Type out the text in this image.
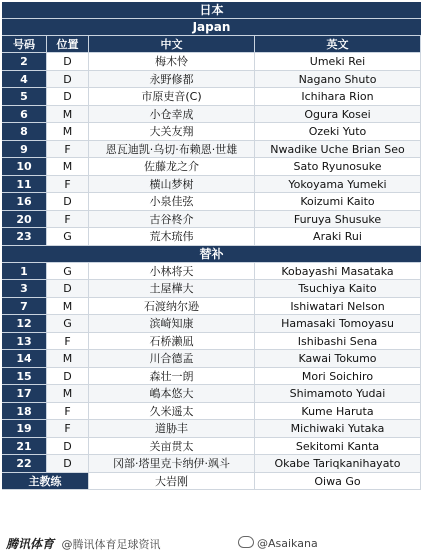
日本
Japan
号码	位置	中文	英文
2	D	梅木怜	Umeki Rei
4	D	永野修都	Nagano Shuto
5	D	市原吏音(C)	Ichihara Rion
6	M	小仓幸成	Ogura Kosei
8	M	大关友翔	Ozeki Yuto
9	F	恩瓦迪凯·乌切·布赖恩·世雄	Nwadike Uche Brian Seo
10	M	佐藤龙之介	Sato Ryunosuke
11	F	横山梦树	Yokoyama Yumeki
16	D	小泉佳弦	Koizumi Kaito
20	F	古谷柊介	Furuya Shusuke
23	G	荒木琉伟	Araki Rui
替补
1	G	小林将天	Kobayashi Masataka
3	D	土屋樺大	Tsuchiya Kaito
7	M	石渡纳尔逊	Ishiwatari Nelson
12	G	滨崎知康	Hamasaki Tomoyasu
13	F	石桥濑凪	Ishibashi Sena
14	M	川合德孟	Kawai Tokumo
15	D	森壮一朗	Mori Soichiro
17	M	嶋本悠大	Shimamoto Yudai
18	F	久米遥太	Kume Haruta
19	F	道胁丰	Michiwaki Yutaka
21	D	关亩贯太	Sekitomi Kanta
22	D	冈部·塔里克卡纳伊·飒斗	Okabe Tariqkanihayato
主教练	大岩刚	Oiwa Go
腾讯体育 @腾讯体育足球资讯	@Asaikana
